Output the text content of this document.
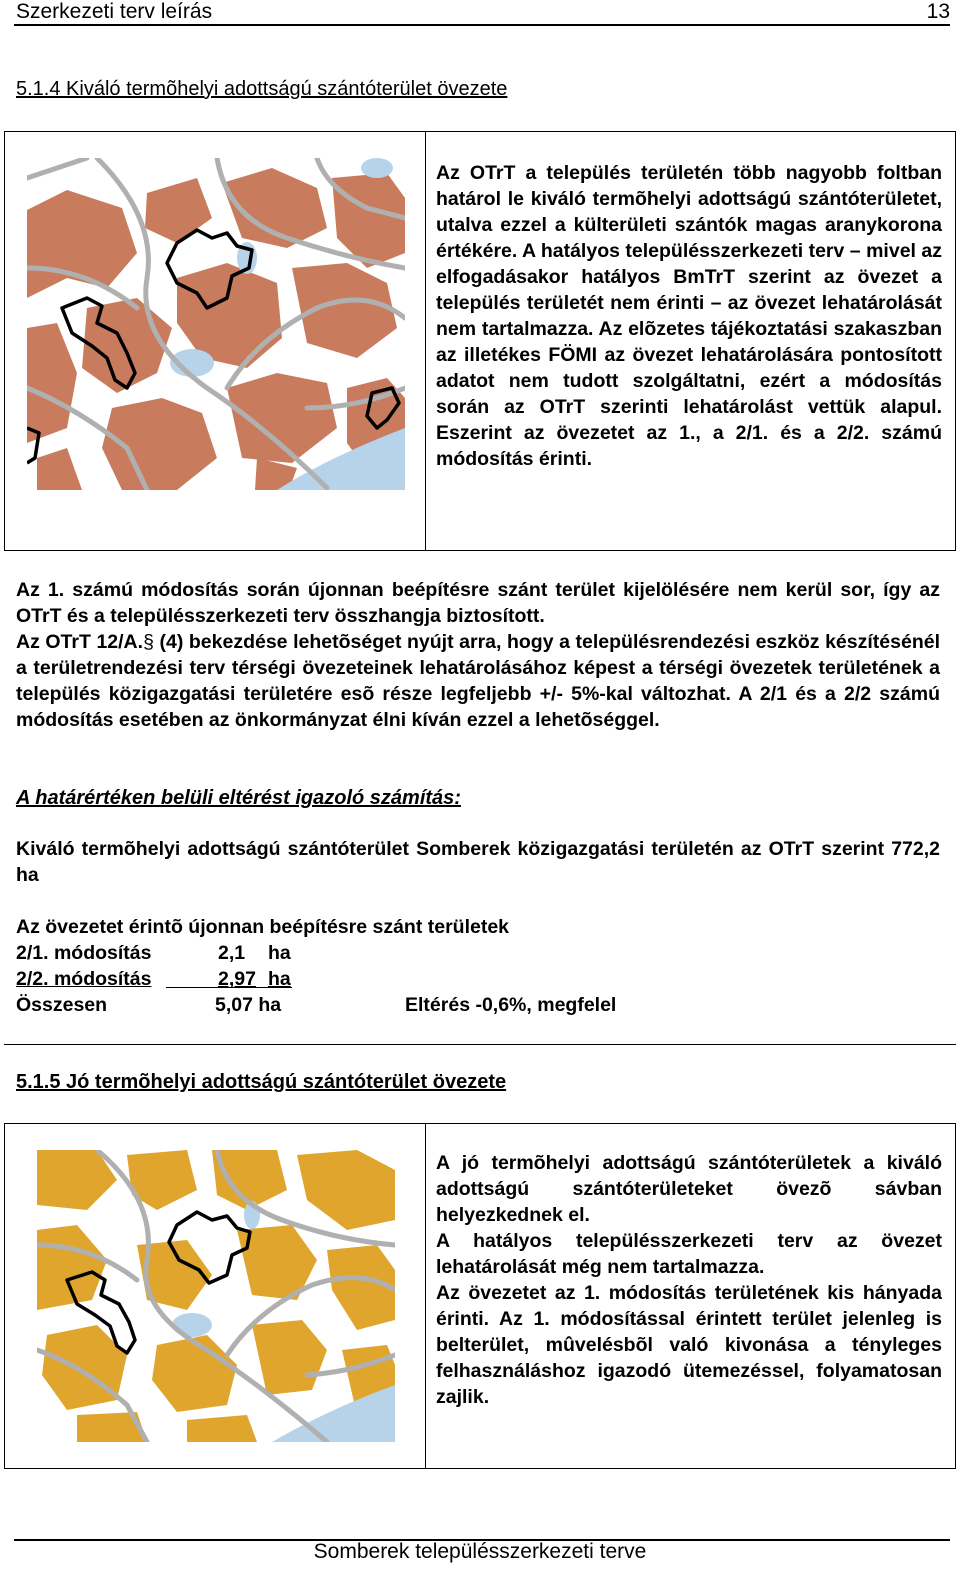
Szerkezeti terv leírás	13
5.1.4 Kiváló termõhelyi adottságú szántóterület övezete
Az OTrT a település területén több nagyobb foltban határol le kiváló termõhelyi adottságú szántóterületet, utalva ezzel a külterületi szántók magas aranykorona értékére. A hatályos településszerkezeti terv – mivel az elfogadásakor hatályos BmTrT szerint az övezet a település területét nem érinti – az övezet lehatárolását nem tartalmazza. Az elõzetes tájékoztatási szakaszban az illetékes FÖMI az övezet lehatárolására pontosított adatot nem tudott szolgáltatni, ezért a módosítás során az OTrT szerinti lehatárolást vettük alapul. Eszerint az övezetet az 1., a 2/1. és a 2/2. számú módosítás érinti.
Az 1. számú módosítás során újonnan beépítésre szánt terület kijelölésére nem kerül sor, így az OTrT és a településszerkezeti terv összhangja biztosított.
Az OTrT 12/A.§ (4) bekezdése lehetõséget nyújt arra, hogy a településrendezési eszköz készítésénél a területrendezési terv térségi övezeteinek lehatárolásához képest a térségi övezetek területének a település közigazgatási területére esõ része legfeljebb +/- 5%-kal változhat. A 2/1 és a 2/2 számú módosítás esetében az önkormányzat élni kíván ezzel a lehetõséggel.
A határértéken belüli eltérést igazoló számítás:
Kiváló termõhelyi adottságú szántóterület Somberek közigazgatási területén az OTrT szerint 772,2 ha
Az övezetet érintõ újonnan beépítésre szánt területek
2/1. módosítás	2,1 ha
2/2. módosítás	2,97 ha
Összesen	5,07 ha	Eltérés -0,6%, megfelel
5.1.5 Jó termõhelyi adottságú szántóterület övezete
A jó termõhelyi adottságú szántóterületek a kiváló adottságú szántóterületeket övezõ sávban helyezkednek el.
A hatályos településszerkezeti terv az övezet lehatárolását még nem tartalmazza.
Az övezetet az 1. módosítás területének kis hányada érinti. Az 1. módosítással érintett terület jelenleg is belterület, mûvelésbõl való kivonása a tényleges felhasználáshoz igazodó ütemezéssel, folyamatosan zajlik.
Somberek településszerkezeti terve
